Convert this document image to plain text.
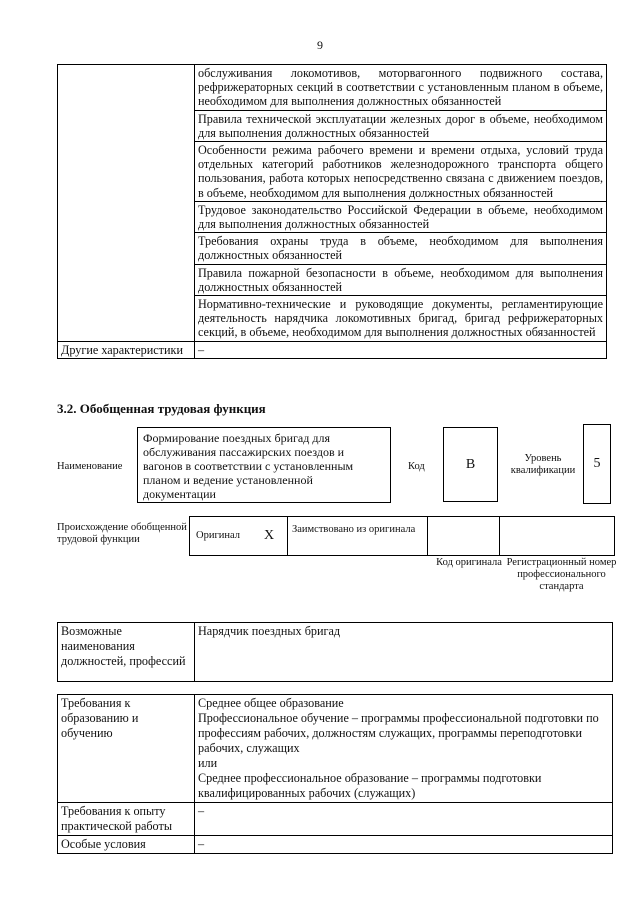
9
	обслуживания локомотивов, моторвагонного подвижного состава, рефрижераторных секций в соответствии с установленным планом в объеме, необходимом для выполнения должностных обязанностей
	Правила технической эксплуатации железных дорог в объеме, необходимом для выполнения должностных обязанностей
	Особенности режима рабочего времени и времени отдыха, условий труда отдельных категорий работников железнодорожного транспорта общего пользования, работа которых непосредственно связана с движением поездов, в объеме, необходимом для выполнения должностных обязанностей
	Трудовое законодательство Российской Федерации в объеме, необходимом для выполнения должностных обязанностей
	Требования охраны труда в объеме, необходимом для выполнения должностных обязанностей
	Правила пожарной безопасности в объеме, необходимом для выполнения должностных обязанностей
	Нормативно-технические и руководящие документы, регламентирующие деятельность нарядчика локомотивных бригад, бригад рефрижераторных секций, в объеме, необходимом для выполнения должностных обязанностей
Другие характеристики	–
3.2. Обобщенная трудовая функция
Наименование
Формирование поездных бригад для обслуживания пассажирских поездов и вагонов в соответствии с установленным планом и ведение установленной документации
Код	B	Уровень квалификации	5
Происхождение обобщенной трудовой функции	Оригинал X	Заимствовано из оригинала
Код оригинала Регистрационный номер профессионального стандарта
Возможные наименования должностей, профессий	Нарядчик поездных бригад
Требования к образованию и обучению	Среднее общее образование
Профессиональное обучение – программы профессиональной подготовки по профессиям рабочих, должностям служащих, программы переподготовки рабочих, служащих
или
Среднее профессиональное образование – программы подготовки квалифицированных рабочих (служащих)

Требования к опыту практической работы	–
Особые условия	–
